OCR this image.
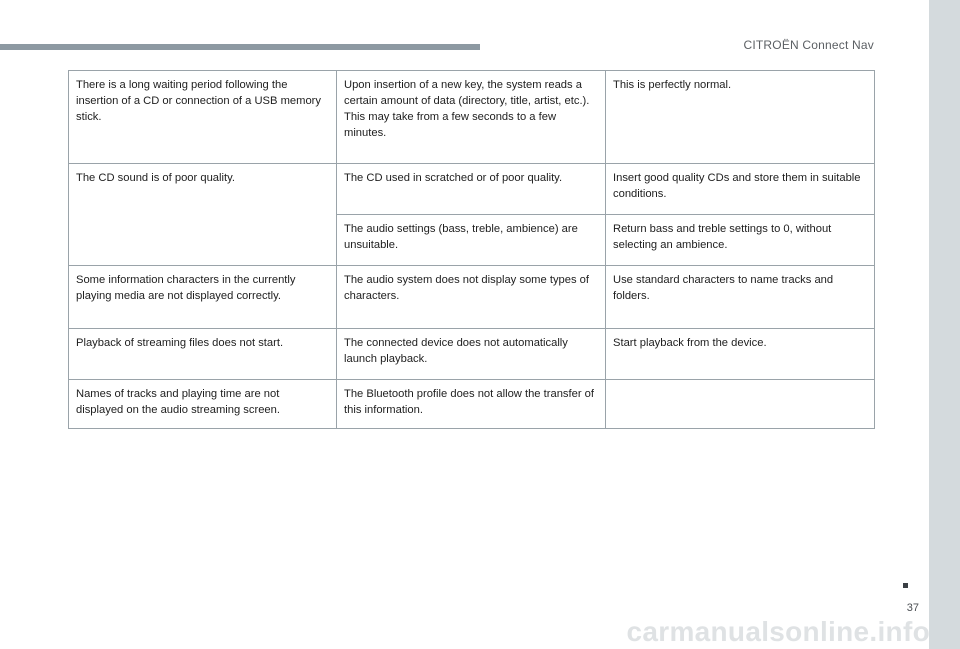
CITROËN Connect Nav
There is a long waiting period following the insertion of a CD or connection of a USB memory stick.	Upon insertion of a new key, the system reads a certain amount of data (directory, title, artist, etc.). This may take from a few seconds to a few minutes.	This is perfectly normal.
The CD sound is of poor quality.	The CD used in scratched or of poor quality.	Insert good quality CDs and store them in suitable conditions.
	The audio settings (bass, treble, ambience) are unsuitable.	Return bass and treble settings to 0, without selecting an ambience.
Some information characters in the currently playing media are not displayed correctly.	The audio system does not display some types of characters.	Use standard characters to name tracks and folders.
Playback of streaming files does not start.	The connected device does not automatically launch playback.	Start playback from the device.
Names of tracks and playing time are not displayed on the audio streaming screen.	The Bluetooth profile does not allow the transfer of this information.	
37
carmanualsonline.info
